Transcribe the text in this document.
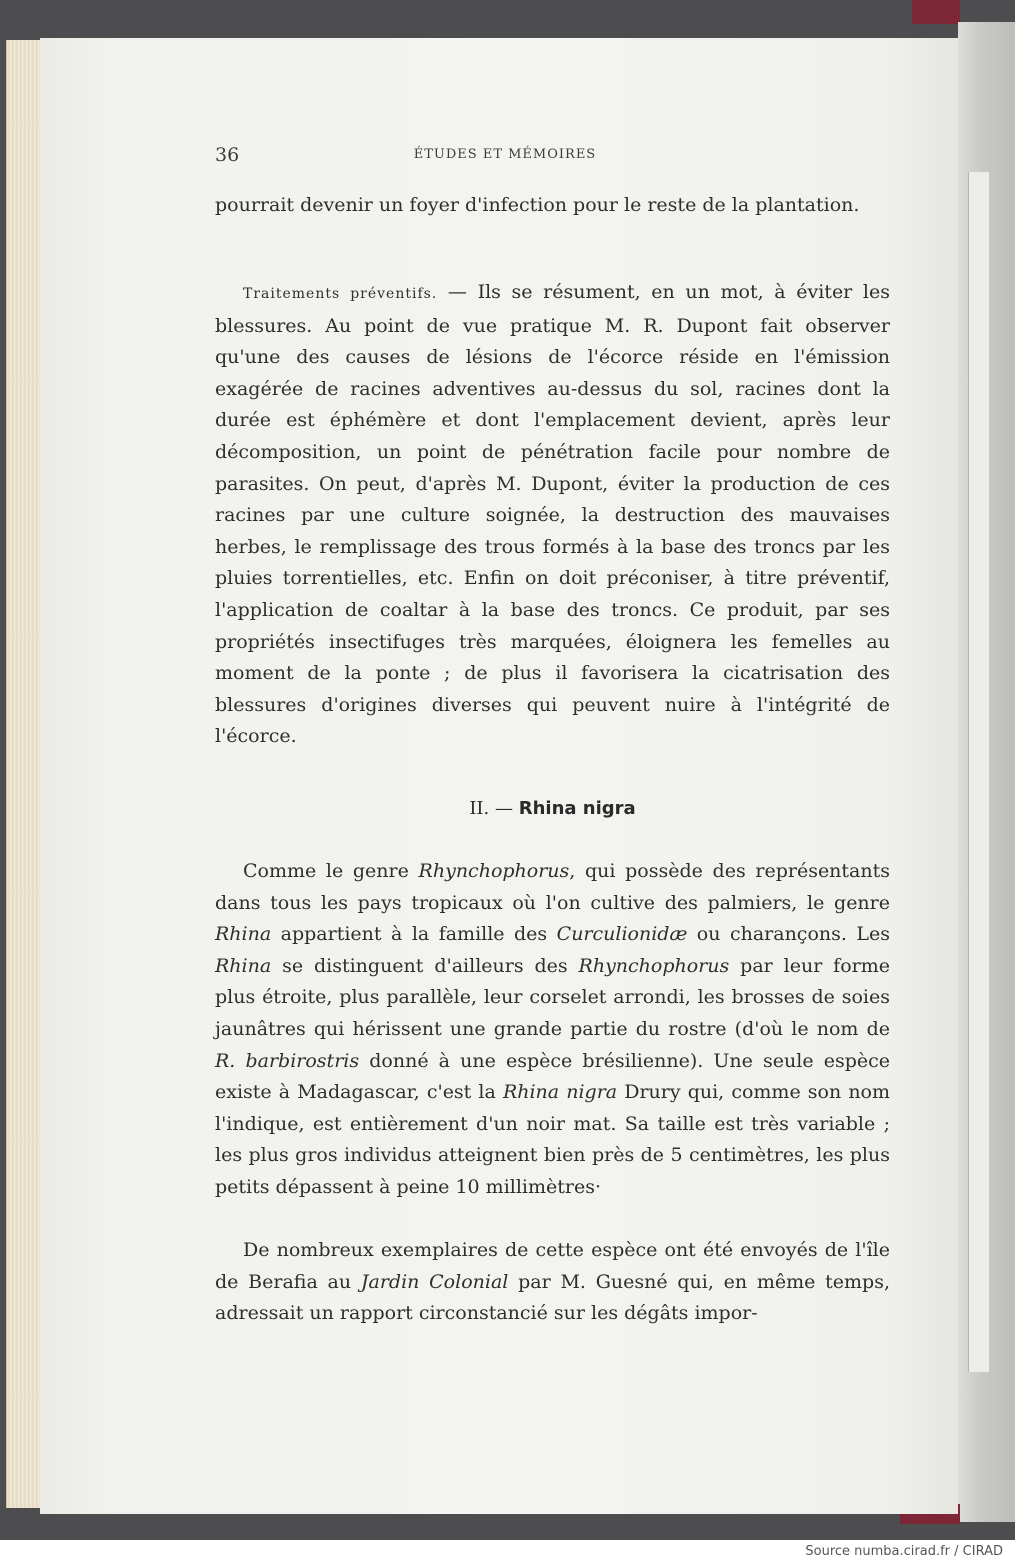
36	ÉTUDES ET MÉMOIRES

pourrait devenir un foyer d'infection pour le reste de la plantation.

Traitements préventifs. — Ils se résument, en un mot, à éviter les blessures. Au point de vue pratique M. R. Dupont fait observer qu'une des causes de lésions de l'écorce réside en l'émission exagérée de racines adventives au-dessus du sol, racines dont la durée est éphémère et dont l'emplacement devient, après leur décomposition, un point de pénétration facile pour nombre de parasites. On peut, d'après M. Dupont, éviter la production de ces racines par une culture soignée, la destruction des mauvaises herbes, le remplissage des trous formés à la base des troncs par les pluies torrentielles, etc. Enfin on doit préconiser, à titre préventif, l'application de coaltar à la base des troncs. Ce produit, par ses propriétés insectifuges très marquées, éloignera les femelles au moment de la ponte ; de plus il favorisera la cicatrisation des blessures d'origines diverses qui peuvent nuire à l'intégrité de l'écorce.

II. — Rhina nigra

Comme le genre Rhynchophorus, qui possède des représentants dans tous les pays tropicaux où l'on cultive des palmiers, le genre Rhina appartient à la famille des Curculionidæ ou charançons. Les Rhina se distinguent d'ailleurs des Rhynchophorus par leur forme plus étroite, plus parallèle, leur corselet arrondi, les brosses de soies jaunâtres qui hérissent une grande partie du rostre (d'où le nom de R. barbirostris donné à une espèce brésilienne). Une seule espèce existe à Madagascar, c'est la Rhina nigra Drury qui, comme son nom l'indique, est entièrement d'un noir mat. Sa taille est très variable ; les plus gros individus atteignent bien près de 5 centimètres, les plus petits dépassent à peine 10 millimètres·

De nombreux exemplaires de cette espèce ont été envoyés de l'île de Berafia au Jardin Colonial par M. Guesné qui, en même temps, adressait un rapport circonstancié sur les dégâts impor-

Source numba.cirad.fr / CIRAD
